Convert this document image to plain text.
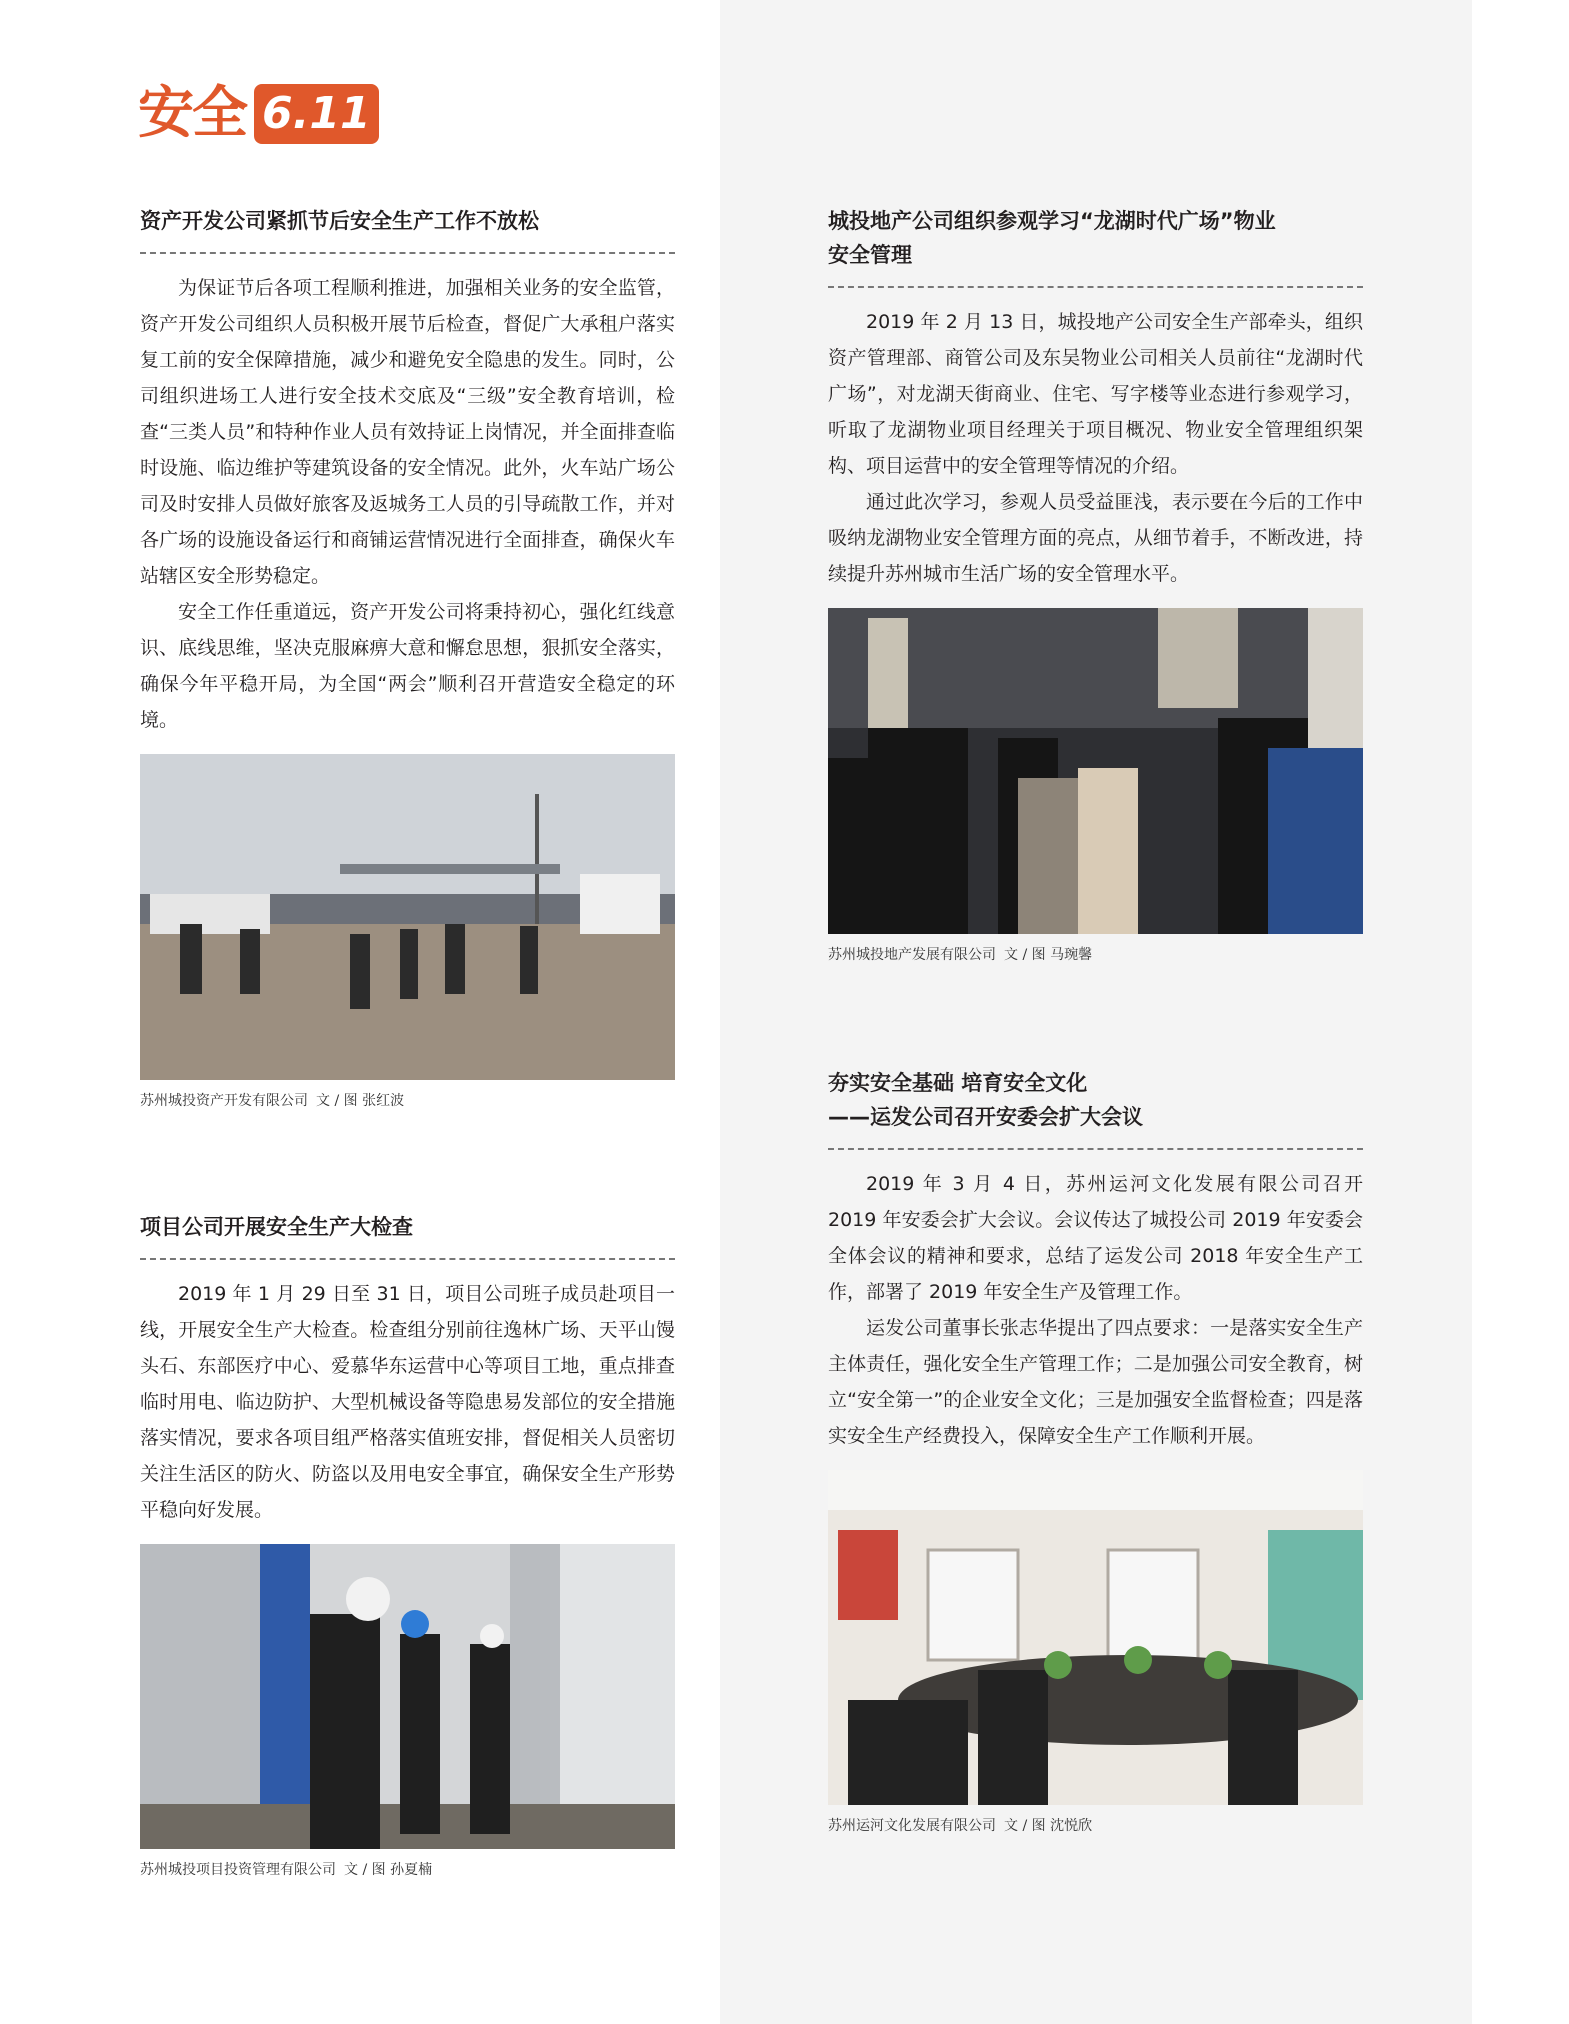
安全 6.11
资产开发公司紧抓节后安全生产工作不放松

为保证节后各项工程顺利推进，加强相关业务的安全监管，资产开发公司组织人员积极开展节后检查，督促广大承租户落实复工前的安全保障措施，减少和避免安全隐患的发生。同时，公司组织进场工人进行安全技术交底及“三级”安全教育培训，检查“三类人员”和特种作业人员有效持证上岗情况，并全面排查临时设施、临边维护等建筑设备的安全情况。此外，火车站广场公司及时安排人员做好旅客及返城务工人员的引导疏散工作，并对各广场的设施设备运行和商铺运营情况进行全面排查，确保火车站辖区安全形势稳定。

安全工作任重道远，资产开发公司将秉持初心，强化红线意识、底线思维，坚决克服麻痹大意和懈怠思想，狠抓安全落实，确保今年平稳开局，为全国“两会”顺利召开营造安全稳定的环境。

苏州城投资产开发有限公司 文 / 图 张红波
项目公司开展安全生产大检查

2019 年 1 月 29 日至 31 日，项目公司班子成员赴项目一线，开展安全生产大检查。检查组分别前往逸林广场、天平山馒头石、东部医疗中心、爱慕华东运营中心等项目工地，重点排查临时用电、临边防护、大型机械设备等隐患易发部位的安全措施落实情况，要求各项目组严格落实值班安排，督促相关人员密切关注生活区的防火、防盗以及用电安全事宜，确保安全生产形势平稳向好发展。

苏州城投项目投资管理有限公司 文 / 图 孙夏楠
城投地产公司组织参观学习“龙湖时代广场”物业
安全管理

2019 年 2 月 13 日，城投地产公司安全生产部牵头，组织资产管理部、商管公司及东吴物业公司相关人员前往“龙湖时代广场”，对龙湖天街商业、住宅、写字楼等业态进行参观学习，听取了龙湖物业项目经理关于项目概况、物业安全管理组织架构、项目运营中的安全管理等情况的介绍。

通过此次学习，参观人员受益匪浅，表示要在今后的工作中吸纳龙湖物业安全管理方面的亮点，从细节着手，不断改进，持续提升苏州城市生活广场的安全管理水平。

苏州城投地产发展有限公司 文 / 图 马琬馨
夯实安全基础 培育安全文化
——运发公司召开安委会扩大会议

2019 年 3 月 4 日，苏州运河文化发展有限公司召开 2019 年安委会扩大会议。会议传达了城投公司 2019 年安委会全体会议的精神和要求，总结了运发公司 2018 年安全生产工作，部署了 2019 年安全生产及管理工作。

运发公司董事长张志华提出了四点要求：一是落实安全生产主体责任，强化安全生产管理工作；二是加强公司安全教育，树立“安全第一”的企业安全文化；三是加强安全监督检查；四是落实安全生产经费投入，保障安全生产工作顺利开展。

苏州运河文化发展有限公司 文 / 图 沈悦欣
